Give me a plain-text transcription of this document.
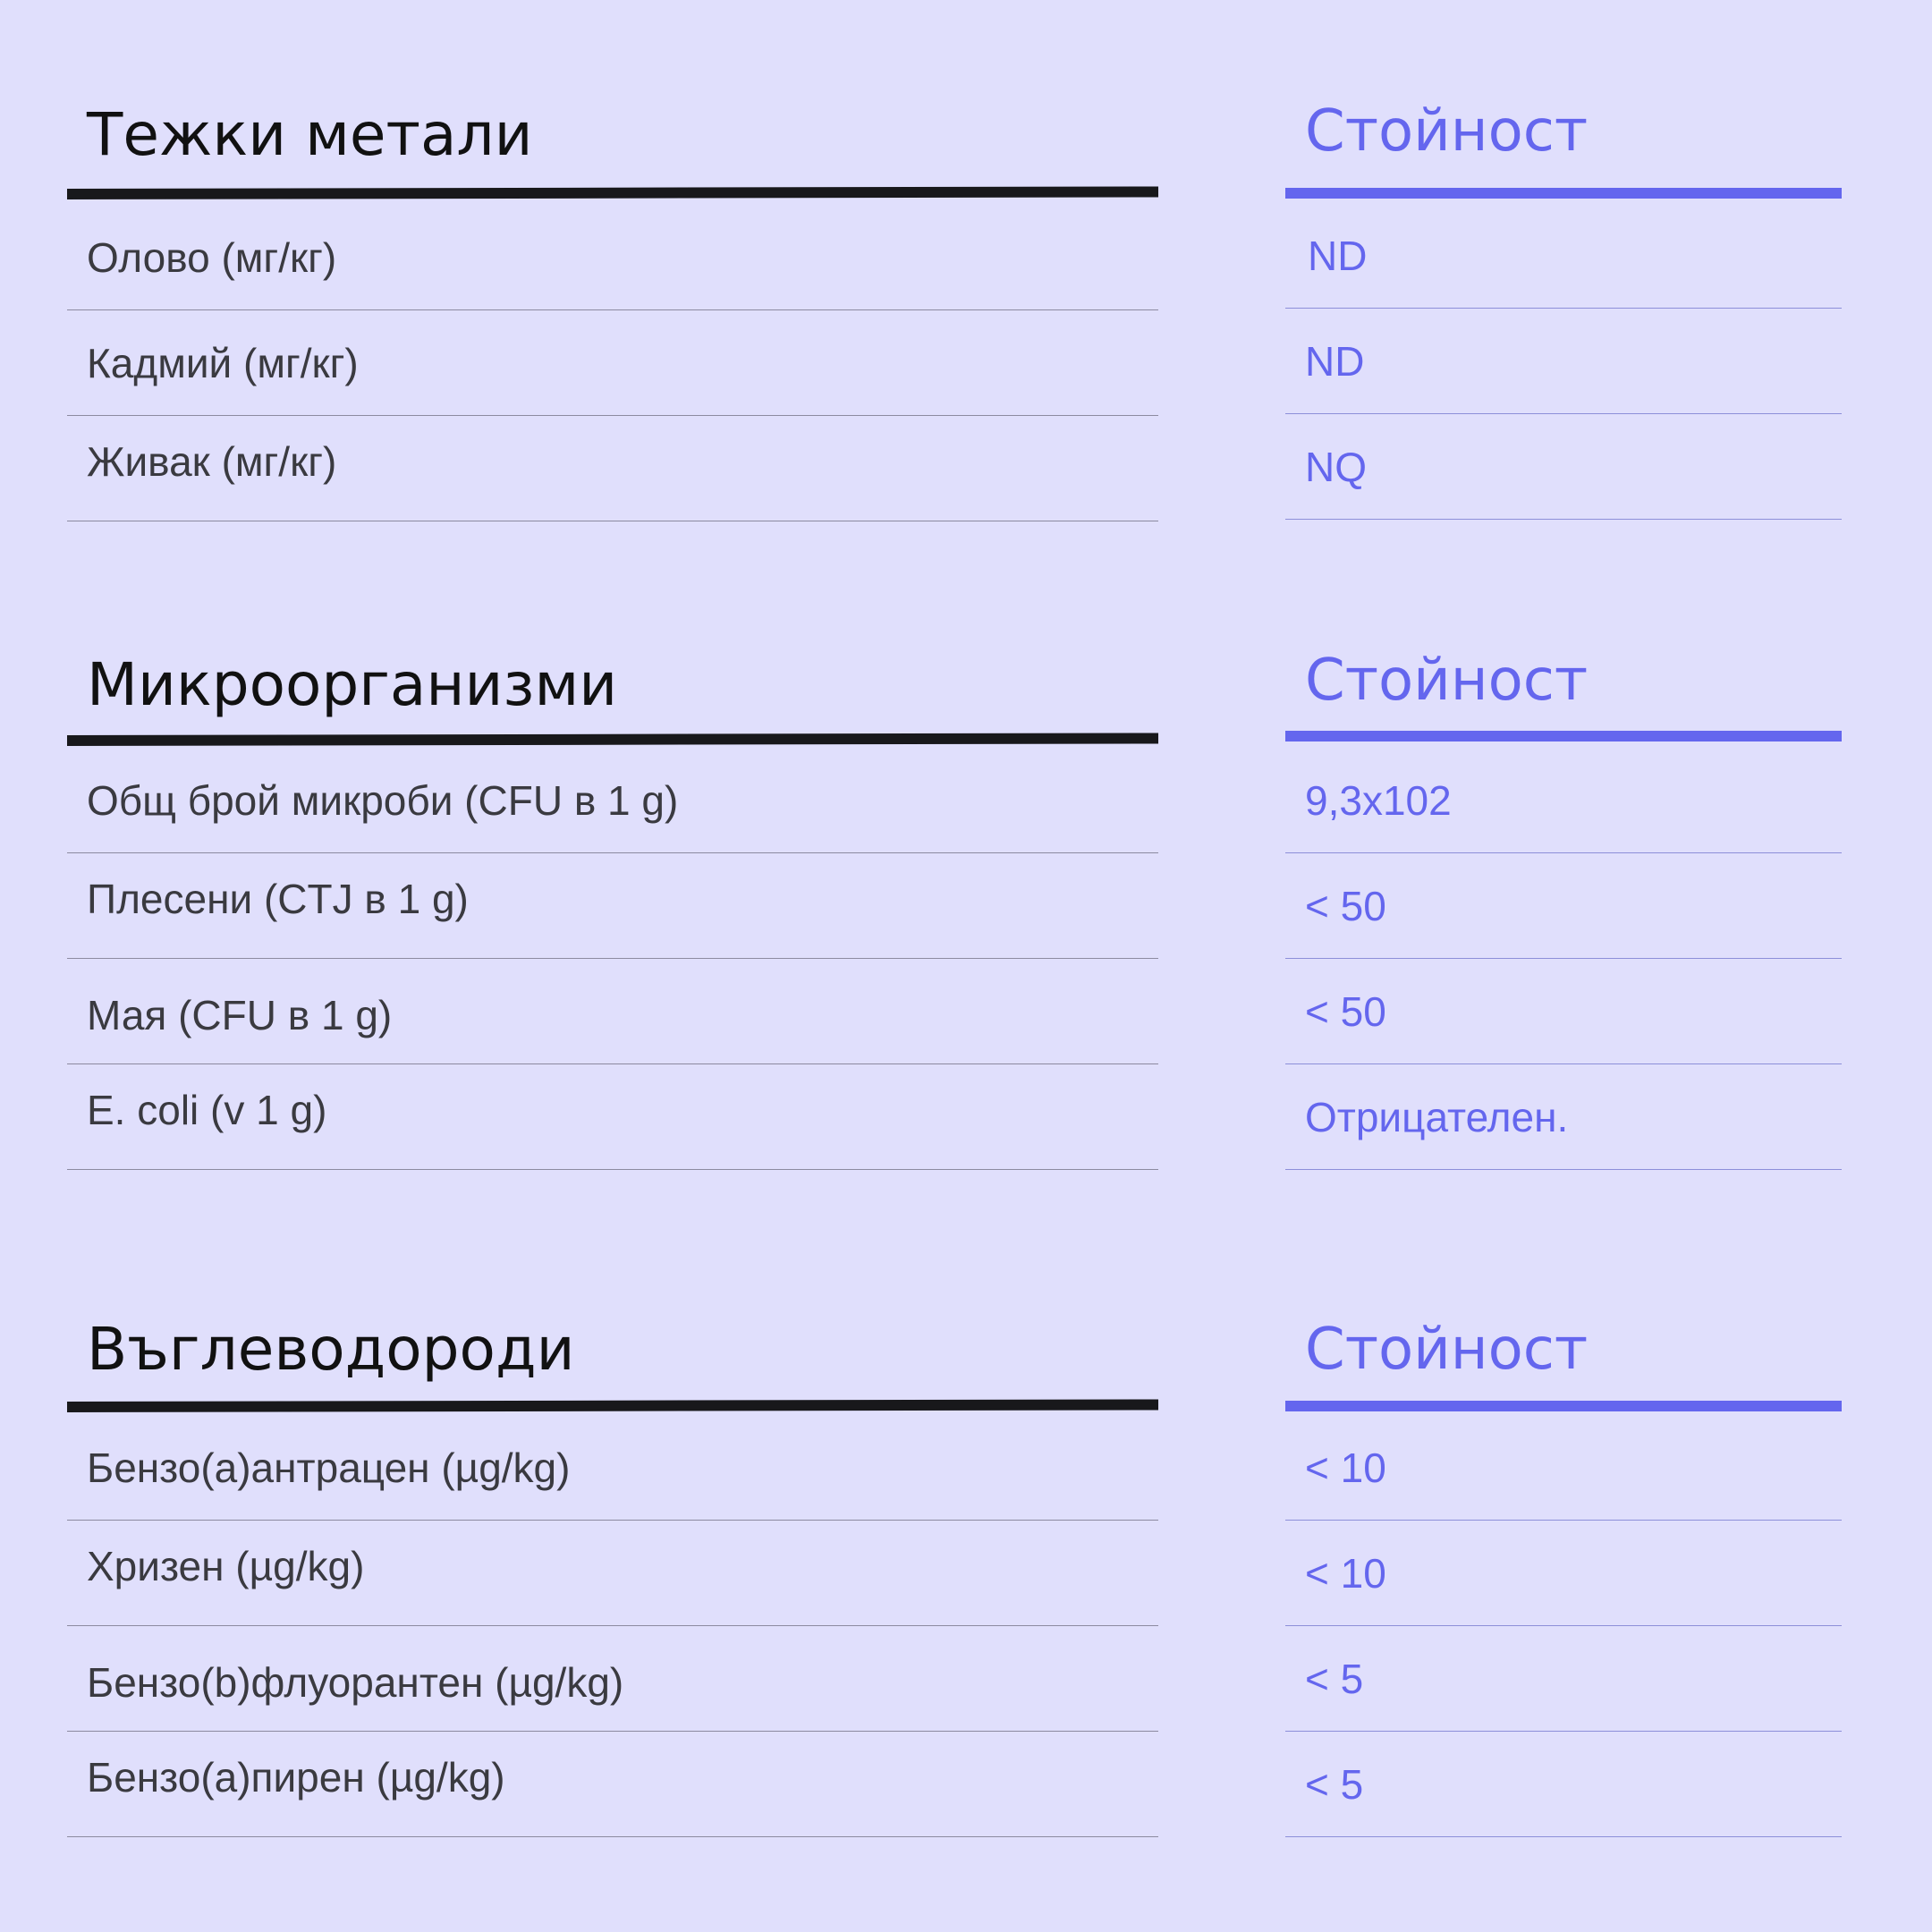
Тежки метали
Олово (мг/кг)
Кадмий (мг/кг)
Живак (мг/кг)
Стойност
ND
ND
NQ
Микроорганизми
Общ брой микроби (CFU в 1 g)
Плесени (CTJ в 1 g)
Мая (CFU в 1 g)
E. coli (v 1 g)
Стойност
9,3x102
< 50
< 50
Отрицателен.
Въглеводороди
Бензо(а)антрацен (µg/kg)
Хризен (µg/kg)
Бензо(b)флуорантен (µg/kg)
Бензо(а)пирен (µg/kg)
Стойност
< 10
< 10
< 5
< 5
